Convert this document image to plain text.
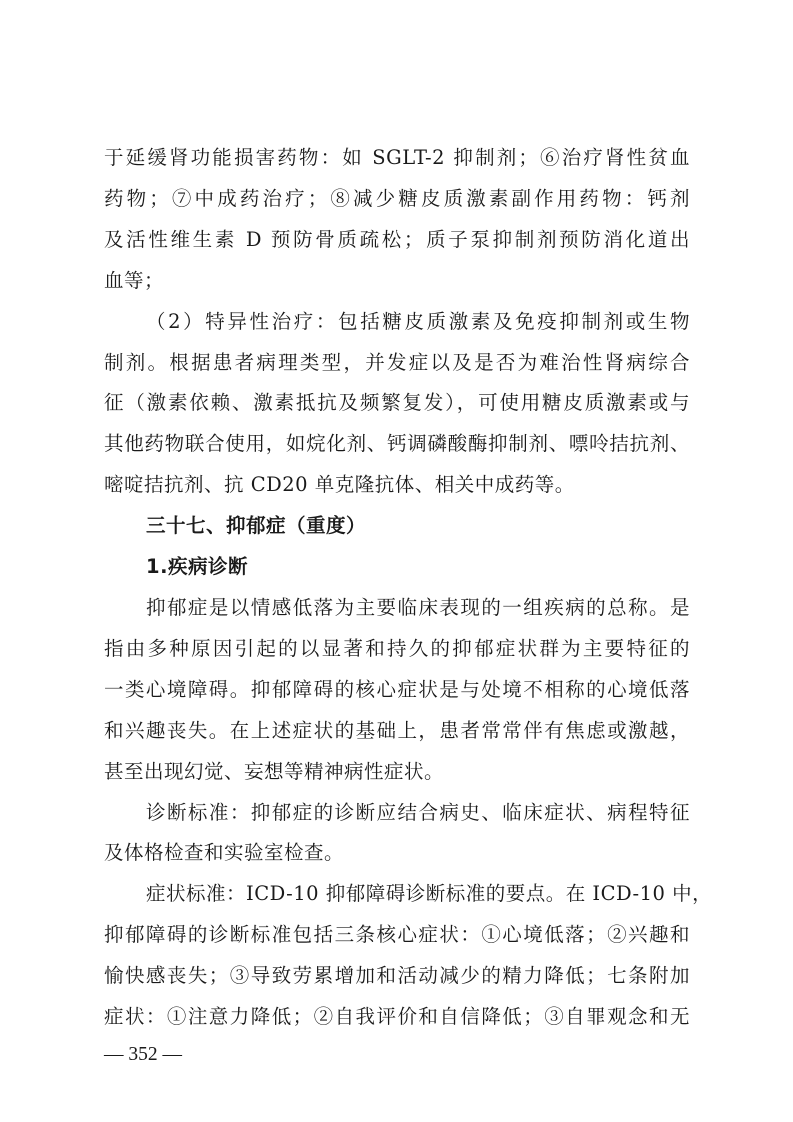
于延缓肾功能损害药物：如 SGLT-2 抑制剂；⑥治疗肾性贫血
药物；⑦中成药治疗；⑧减少糖皮质激素副作用药物：钙剂
及活性维生素 D 预防骨质疏松；质子泵抑制剂预防消化道出
血等；
（2）特异性治疗：包括糖皮质激素及免疫抑制剂或生物
制剂。根据患者病理类型，并发症以及是否为难治性肾病综合
征（激素依赖、激素抵抗及频繁复发），可使用糖皮质激素或与
其他药物联合使用，如烷化剂、钙调磷酸酶抑制剂、嘌呤拮抗剂、
嘧啶拮抗剂、抗 CD20 单克隆抗体、相关中成药等。
三十七、抑郁症（重度）
1.疾病诊断
抑郁症是以情感低落为主要临床表现的一组疾病的总称。是
指由多种原因引起的以显著和持久的抑郁症状群为主要特征的
一类心境障碍。抑郁障碍的核心症状是与处境不相称的心境低落
和兴趣丧失。在上述症状的基础上，患者常常伴有焦虑或激越，
甚至出现幻觉、妄想等精神病性症状。
诊断标准：抑郁症的诊断应结合病史、临床症状、病程特征
及体格检查和实验室检查。
症状标准：ICD-10 抑郁障碍诊断标准的要点。在 ICD-10 中，
抑郁障碍的诊断标准包括三条核心症状：①心境低落；②兴趣和
愉快感丧失；③导致劳累增加和活动减少的精力降低；七条附加
— 352 —
症状：①注意力降低；②自我评价和自信降低；③自罪观念和无
